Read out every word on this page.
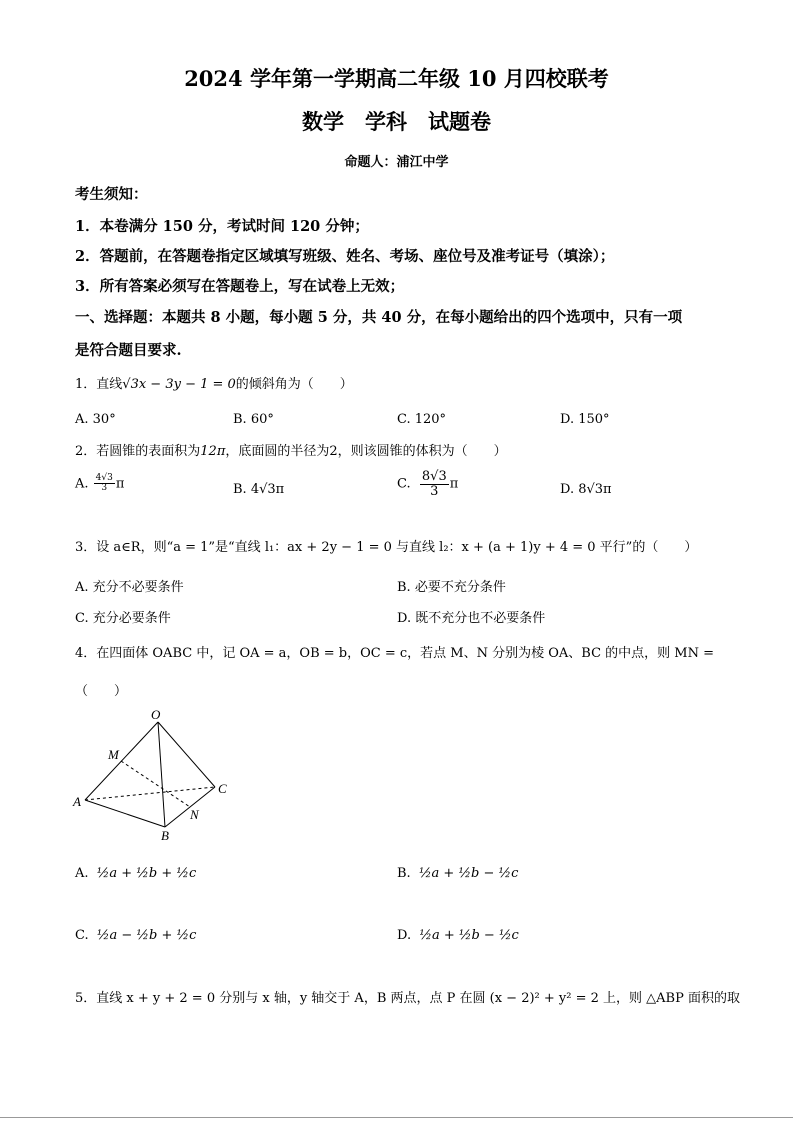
2024 学年第一学期高二年级 10 月四校联考
数学　学科　试题卷
命题人：浦江中学
考生须知：
1．本卷满分 150 分，考试时间 120 分钟；
2．答题前，在答题卷指定区域填写班级、姓名、考场、座位号及准考证号（填涂）；
3．所有答案必须写在答题卷上，写在试卷上无效；
一、选择题：本题共 8 小题，每小题 5 分，共 40 分，在每小题给出的四个选项中，只有一项
是符合题目要求.
1．直线√3x − 3y − 1 = 0的倾斜角为（　　）
A. 30°	B. 60°	C. 120°	D. 150°
2．若圆锥的表面积为12π，底面圆的半径为2，则该圆锥的体积为（　　）
A. $\frac{4√3}{3}$ π	B. 4√3π	C. $\frac{8√3}{3}$ π	D. 8√3π
3．设 a∈R，则“a = 1”是“直线 l₁：ax + 2y − 1 = 0 与直线 l₂：x + (a + 1)y + 4 = 0 平行”的（　　）
A. 充分不必要条件	B. 必要不充分条件
C. 充分必要条件	D. 既不充分也不必要条件
4．在四面体 OABC 中，记 OA = a，OB = b，OC = c，若点 M、N 分别为棱 OA、BC 的中点，则 MN =
（　　）
O
M
A
B
C
N
A. ½a + ½b + ½c	B. ½a + ½b − ½c
C. ½a − ½b + ½c	D. ½a + ½b − ½c
5．直线 x + y + 2 = 0 分别与 x 轴，y 轴交于 A，B 两点，点 P 在圆 (x − 2)² + y² = 2 上，则 △ABP 面积的取
